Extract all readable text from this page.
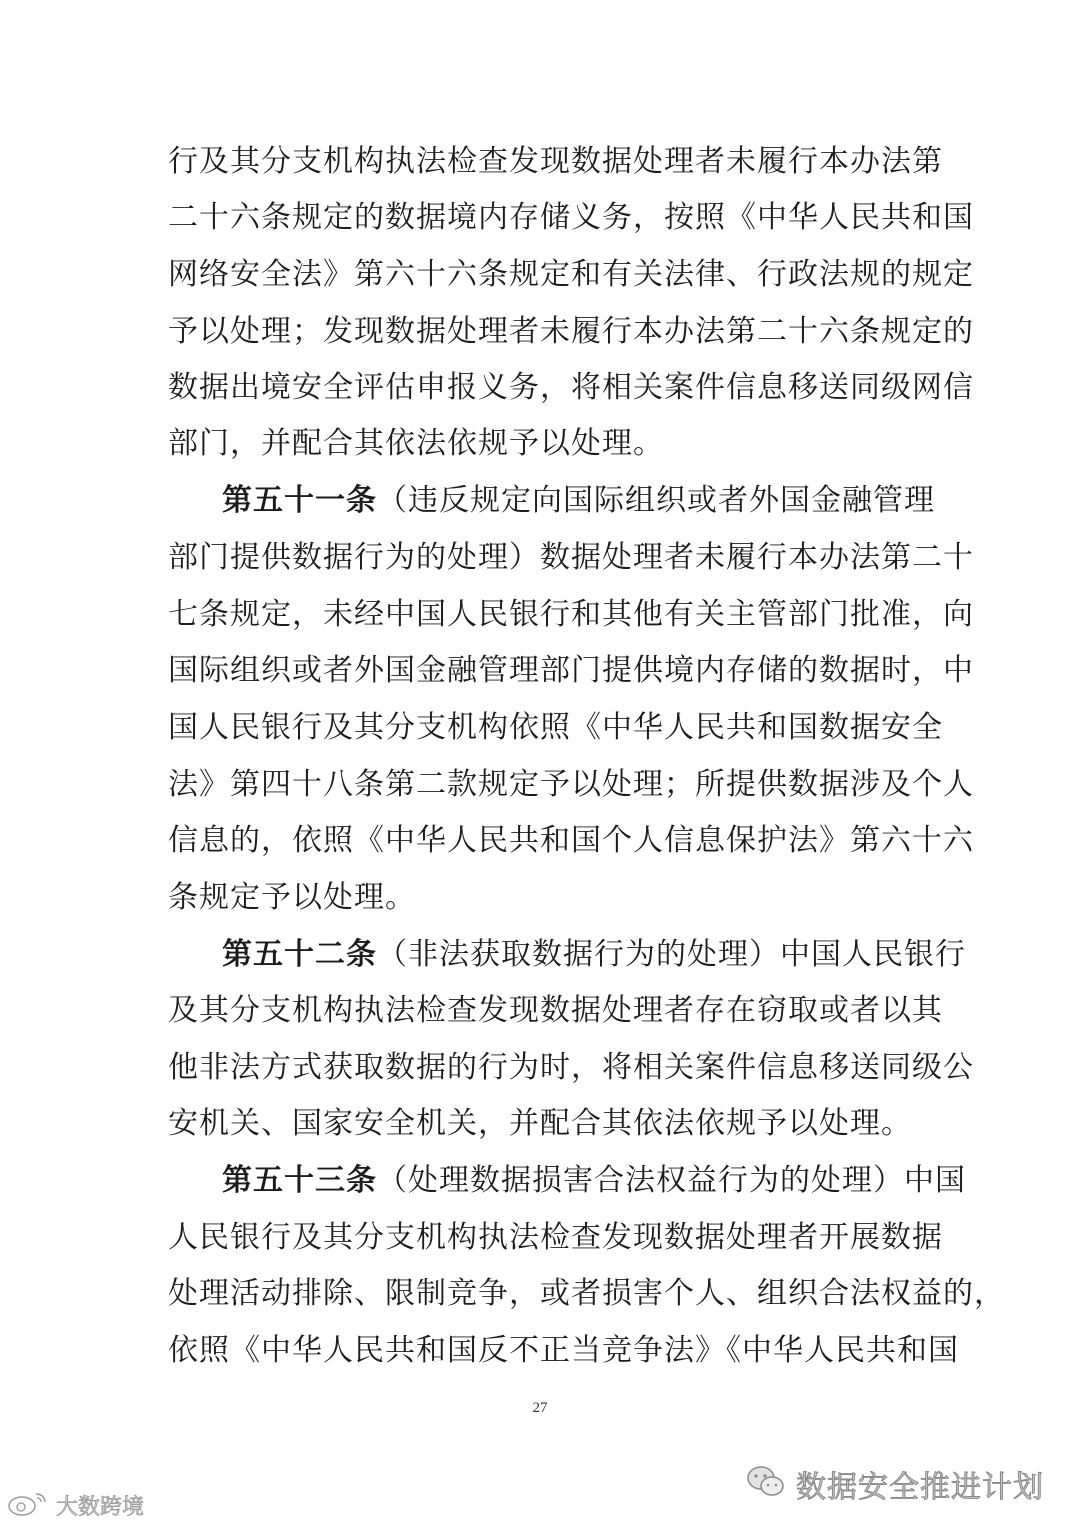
行及其分支机构执法检查发现数据处理者未履行本办法第
二十六条规定的数据境内存储义务，按照《中华人民共和国
网络安全法》第六十六条规定和有关法律、行政法规的规定
予以处理；发现数据处理者未履行本办法第二十六条规定的
数据出境安全评估申报义务，将相关案件信息移送同级网信
部门，并配合其依法依规予以处理。
第五十一条（违反规定向国际组织或者外国金融管理
部门提供数据行为的处理）数据处理者未履行本办法第二十
七条规定，未经中国人民银行和其他有关主管部门批准，向
国际组织或者外国金融管理部门提供境内存储的数据时，中
国人民银行及其分支机构依照《中华人民共和国数据安全
法》第四十八条第二款规定予以处理；所提供数据涉及个人
信息的，依照《中华人民共和国个人信息保护法》第六十六
条规定予以处理。
第五十二条（非法获取数据行为的处理）中国人民银行
及其分支机构执法检查发现数据处理者存在窃取或者以其
他非法方式获取数据的行为时，将相关案件信息移送同级公
安机关、国家安全机关，并配合其依法依规予以处理。
第五十三条（处理数据损害合法权益行为的处理）中国
人民银行及其分支机构执法检查发现数据处理者开展数据
处理活动排除、限制竞争，或者损害个人、组织合法权益的，
依照《中华人民共和国反不正当竞争法》《中华人民共和国
27
数据安全推进计划
大数跨境
